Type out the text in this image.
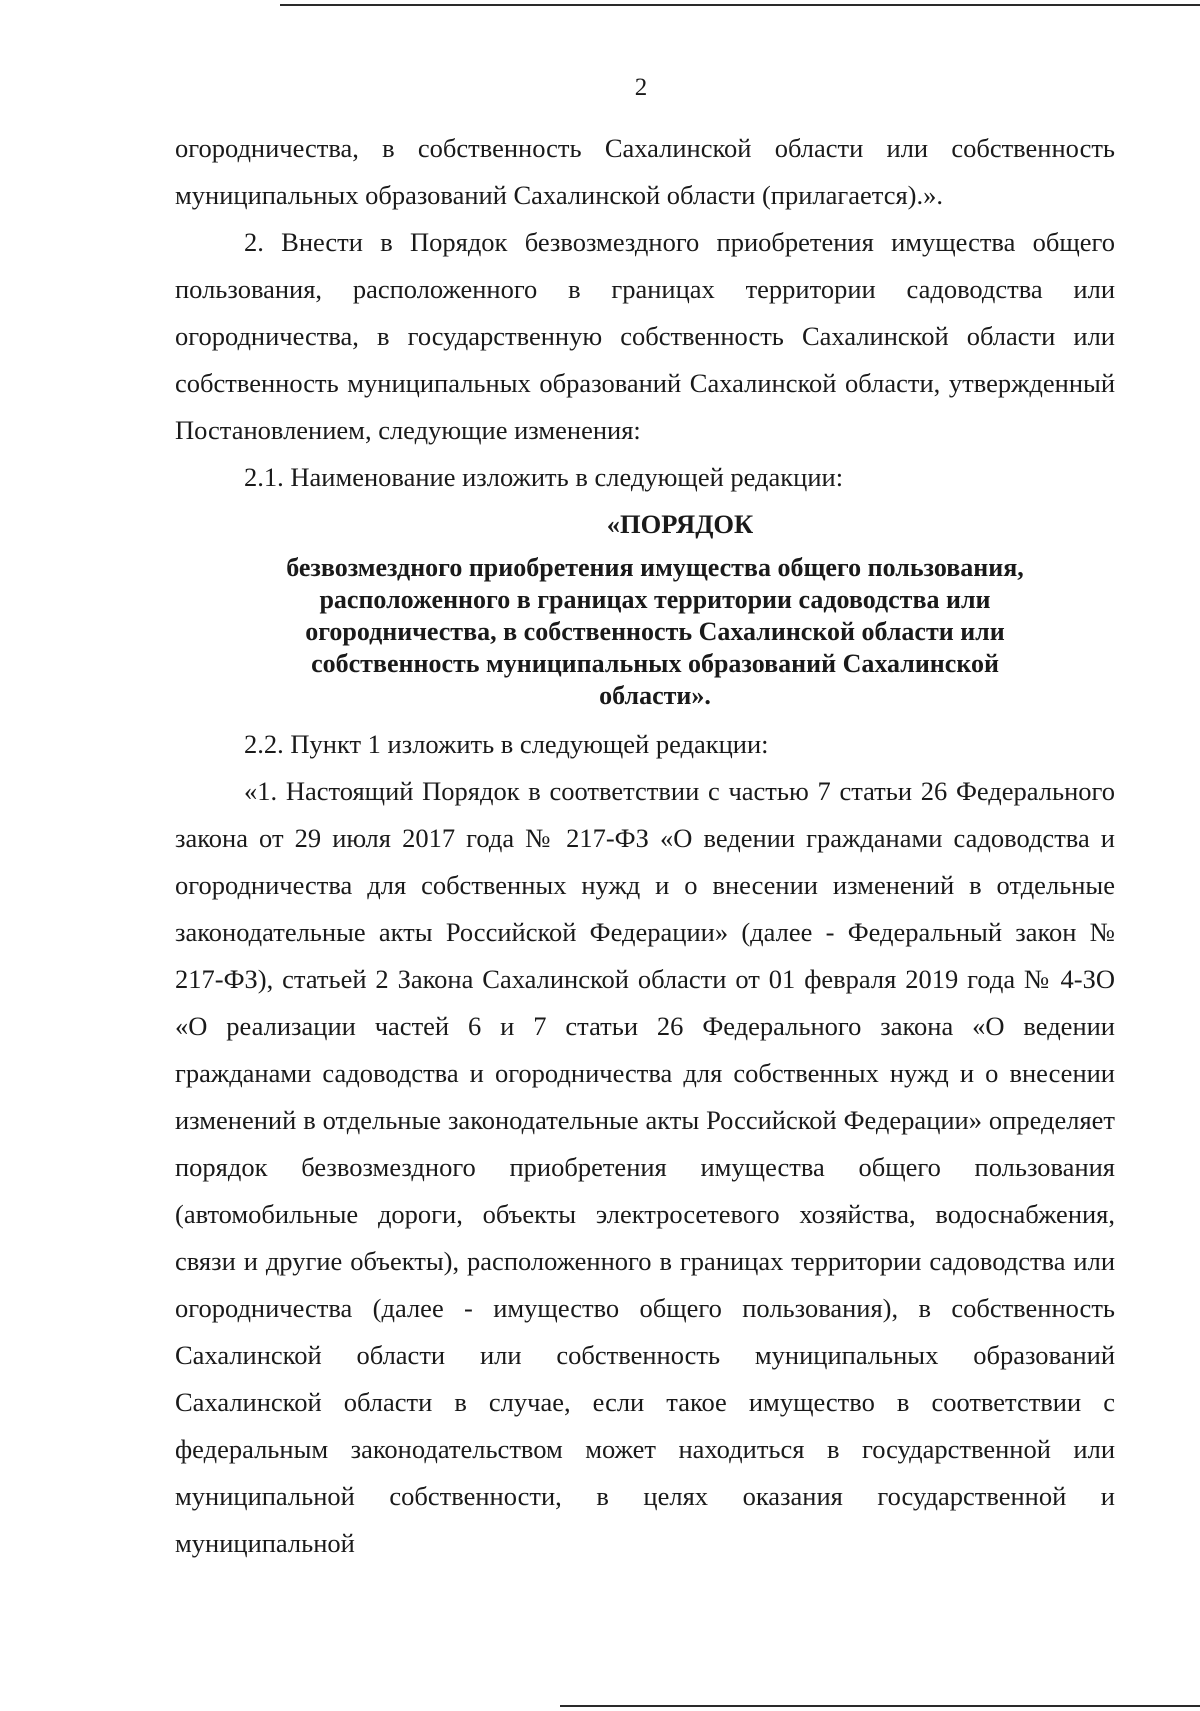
2

огородничества, в собственность Сахалинской области или собственность муниципальных образований Сахалинской области (прилагается).».

2. Внести в Порядок безвозмездного приобретения имущества общего пользования, расположенного в границах территории садоводства или огородничества, в государственную собственность Сахалинской области или собственность муниципальных образований Сахалинской области, утвержденный Постановлением, следующие изменения:

2.1. Наименование изложить в следующей редакции:

«ПОРЯДОК

безвозмездного приобретения имущества общего пользования, расположенного в границах территории садоводства или огородничества, в собственность Сахалинской области или собственность муниципальных образований Сахалинской области».

2.2. Пункт 1 изложить в следующей редакции:

«1. Настоящий Порядок в соответствии с частью 7 статьи 26 Федерального закона от 29 июля 2017 года № 217-ФЗ «О ведении гражданами садоводства и огородничества для собственных нужд и о внесении изменений в отдельные законодательные акты Российской Федерации» (далее - Федеральный закон № 217-ФЗ), статьей 2 Закона Сахалинской области от 01 февраля 2019 года № 4-ЗО «О реализации частей 6 и 7 статьи 26 Федерального закона «О ведении гражданами садоводства и огородничества для собственных нужд и о внесении изменений в отдельные законодательные акты Российской Федерации» определяет порядок безвозмездного приобретения имущества общего пользования (автомобильные дороги, объекты электросетевого хозяйства, водоснабжения, связи и другие объекты), расположенного в границах территории садоводства или огородничества (далее - имущество общего пользования), в собственность Сахалинской области или собственность муниципальных образований Сахалинской области в случае, если такое имущество в соответствии с федеральным законодательством может находиться в государственной или муниципальной собственности, в целях оказания государственной и муниципальной
